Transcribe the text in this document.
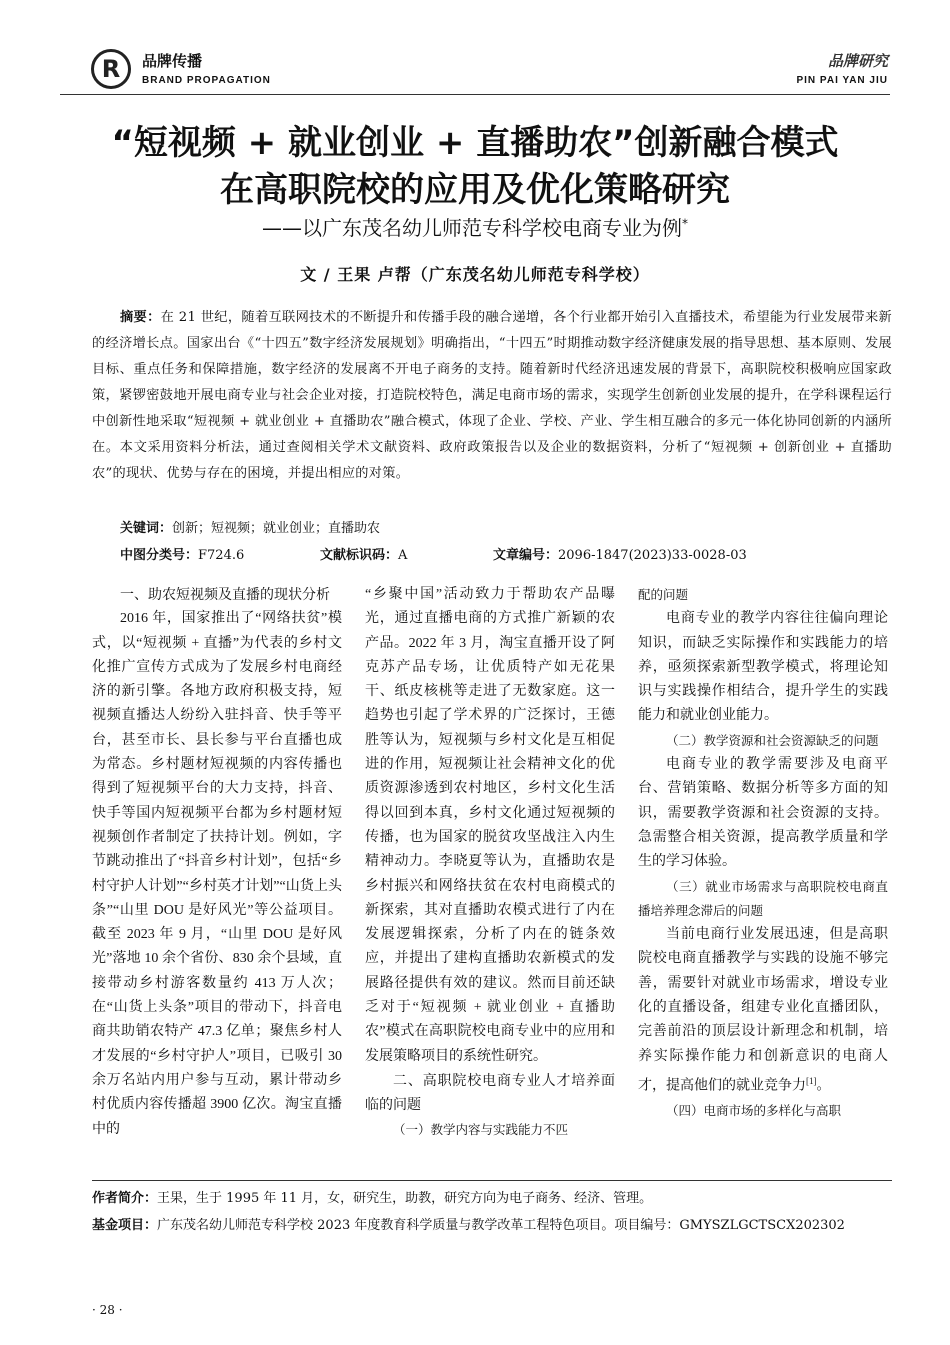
R	品牌传播
BRAND PROPAGATION
品牌研究
PIN PAI YAN JIU
“短视频 + 就业创业 + 直播助农”创新融合模式
在高职院校的应用及优化策略研究
——以广东茂名幼儿师范专科学校电商专业为例*
文 / 王果 卢帮（广东茂名幼儿师范专科学校）
摘要：在 21 世纪，随着互联网技术的不断提升和传播手段的融合递增，各个行业都开始引入直播技术，希望能为行业发展带来新的经济增长点。国家出台《“十四五”数字经济发展规划》明确指出，“十四五”时期推动数字经济健康发展的指导思想、基本原则、发展目标、重点任务和保障措施，数字经济的发展离不开电子商务的支持。随着新时代经济迅速发展的背景下，高职院校积极响应国家政策，紧锣密鼓地开展电商专业与社会企业对接，打造院校特色，满足电商市场的需求，实现学生创新创业发展的提升，在学科课程运行中创新性地采取“短视频 + 就业创业 + 直播助农”融合模式，体现了企业、学校、产业、学生相互融合的多元一体化协同创新的内涵所在。本文采用资料分析法，通过查阅相关学术文献资料、政府政策报告以及企业的数据资料，分析了“短视频 + 创新创业 + 直播助农”的现状、优势与存在的困境，并提出相应的对策。
关键词：创新；短视频；就业创业；直播助农
中图分类号：F724.6	文献标识码：A	文章编号：2096-1847(2023)33-0028-03

一、助农短视频及直播的现状分析

2016 年，国家推出了“网络扶贫”模式，以“短视频 + 直播”为代表的乡村文化推广宣传方式成为了发展乡村电商经济的新引擎。各地方政府积极支持，短视频直播达人纷纷入驻抖音、快手等平台，甚至市长、县长参与平台直播也成为常态。乡村题材短视频的内容传播也得到了短视频平台的大力支持，抖音、快手等国内短视频平台都为乡村题材短视频创作者制定了扶持计划。例如，字节跳动推出了“抖音乡村计划”，包括“乡村守护人计划”“乡村英才计划”“山货上头条”“山里 DOU 是好风光”等公益项目。截至 2023 年 9 月，“山里 DOU 是好风光”落地 10 余个省份、830 余个县域，直接带动乡村游客数量约 413 万人次；在“山货上头条”项目的带动下，抖音电商共助销农特产 47.3 亿单；聚焦乡村人才发展的“乡村守护人”项目，已吸引 30 余万名站内用户参与互动，累计带动乡村优质内容传播超 3900 亿次。淘宝直播中的

“乡聚中国”活动致力于帮助农产品曝光，通过直播电商的方式推广新颖的农产品。2022 年 3 月，淘宝直播开设了阿克苏产品专场，让优质特产如无花果干、纸皮核桃等走进了无数家庭。这一趋势也引起了学术界的广泛探讨，王德胜等认为，短视频与乡村文化是互相促进的作用，短视频让社会精神文化的优质资源渗透到农村地区，乡村文化生活得以回到本真，乡村文化通过短视频的传播，也为国家的脱贫攻坚战注入内生精神动力。李晓夏等认为，直播助农是乡村振兴和网络扶贫在农村电商模式的新探索，其对直播助农模式进行了内在发展逻辑探索，分析了内在的链条效应，并提出了建构直播助农新模式的发展路径提供有效的建议。然而目前还缺乏对于“短视频 + 就业创业 + 直播助农”模式在高职院校电商专业中的应用和发展策略项目的系统性研究。

二、高职院校电商专业人才培养面临的问题

（一）教学内容与实践能力不匹

配的问题

电商专业的教学内容往往偏向理论知识，而缺乏实际操作和实践能力的培养，亟须探索新型教学模式，将理论知识与实践操作相结合，提升学生的实践能力和就业创业能力。

（二）教学资源和社会资源缺乏的问题

电商专业的教学需要涉及电商平台、营销策略、数据分析等多方面的知识，需要教学资源和社会资源的支持。急需整合相关资源，提高教学质量和学生的学习体验。

（三）就业市场需求与高职院校电商直播培养理念滞后的问题

当前电商行业发展迅速，但是高职院校电商直播教学与实践的设施不够完善，需要针对就业市场需求，增设专业化的直播设备，组建专业化直播团队，完善前沿的顶层设计新理念和机制，培养实际操作能力和创新意识的电商人才，提高他们的就业竞争力[1]。

（四）电商市场的多样化与高职

作者简介：王果，生于 1995 年 11 月，女，研究生，助教，研究方向为电子商务、经济、管理。
基金项目：广东茂名幼儿师范专科学校 2023 年度教育科学质量与教学改革工程特色项目。项目编号：GMYSZLGCTSCX202302
· 28 ·
